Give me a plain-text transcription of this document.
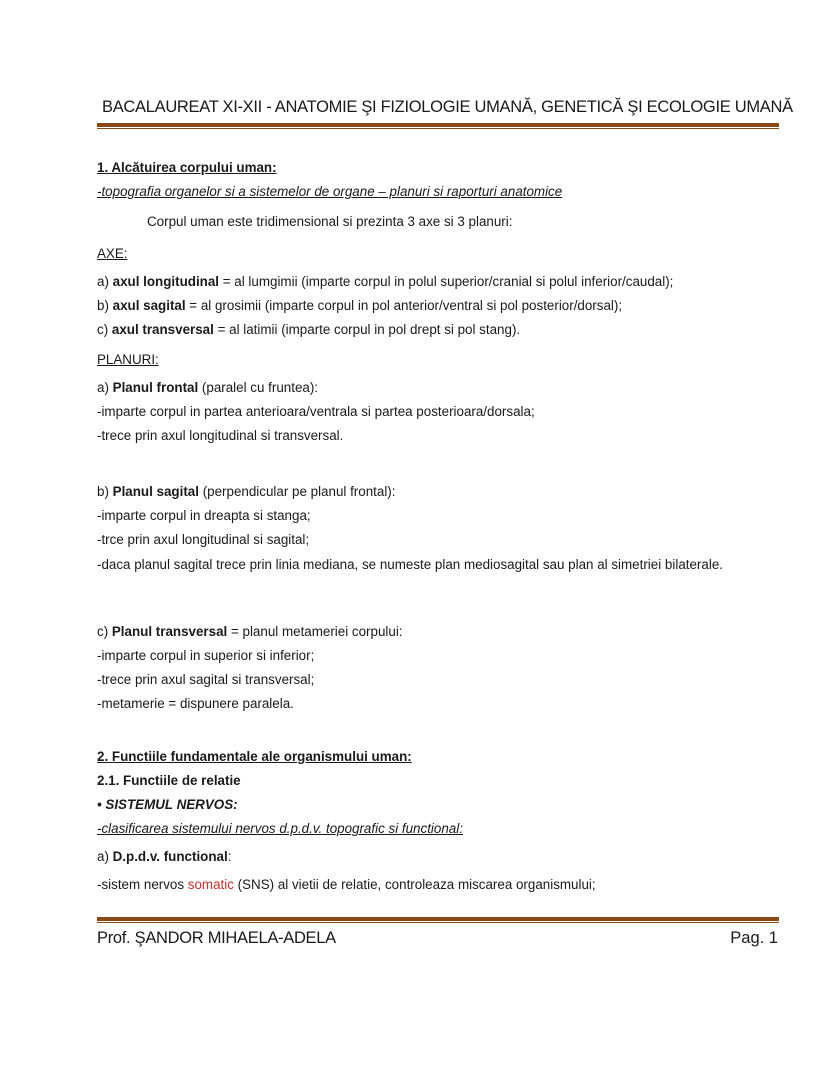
BACALAUREAT XI-XII - ANATOMIE ŞI FIZIOLOGIE UMANĂ, GENETICĂ ŞI ECOLOGIE UMANĂ
1. Alcătuirea corpului uman:
-topografia organelor si a sistemelor de organe – planuri si raporturi anatomice
Corpul uman este tridimensional si prezinta 3 axe si 3 planuri:
AXE:
a) axul longitudinal = al lumgimii (imparte corpul in polul superior/cranial si polul inferior/caudal);
b) axul sagital = al grosimii (imparte corpul in pol anterior/ventral si pol posterior/dorsal);
c) axul transversal = al latimii (imparte corpul in pol drept si pol stang).
PLANURI:
a) Planul frontal (paralel cu fruntea):
-imparte corpul in partea anterioara/ventrala si partea posterioara/dorsala;
-trece prin axul longitudinal si transversal.
b) Planul sagital (perpendicular pe planul frontal):
-imparte corpul in dreapta si stanga;
-trce prin axul longitudinal si sagital;
-daca planul sagital trece prin linia mediana, se numeste plan mediosagital sau plan al simetriei bilaterale.
c) Planul transversal = planul metameriei corpului:
-imparte corpul in superior si inferior;
-trece prin axul sagital si transversal;
-metamerie = dispunere paralela.
2. Functiile fundamentale ale organismului uman:
2.1. Functiile de relatie
• SISTEMUL NERVOS:
-clasificarea sistemului nervos d.p.d.v. topografic si functional:
a) D.p.d.v. functional:
-sistem nervos somatic (SNS) al vietii de relatie, controleaza miscarea organismului;
Prof. ŞANDOR MIHAELA-ADELA	Pag. 1
